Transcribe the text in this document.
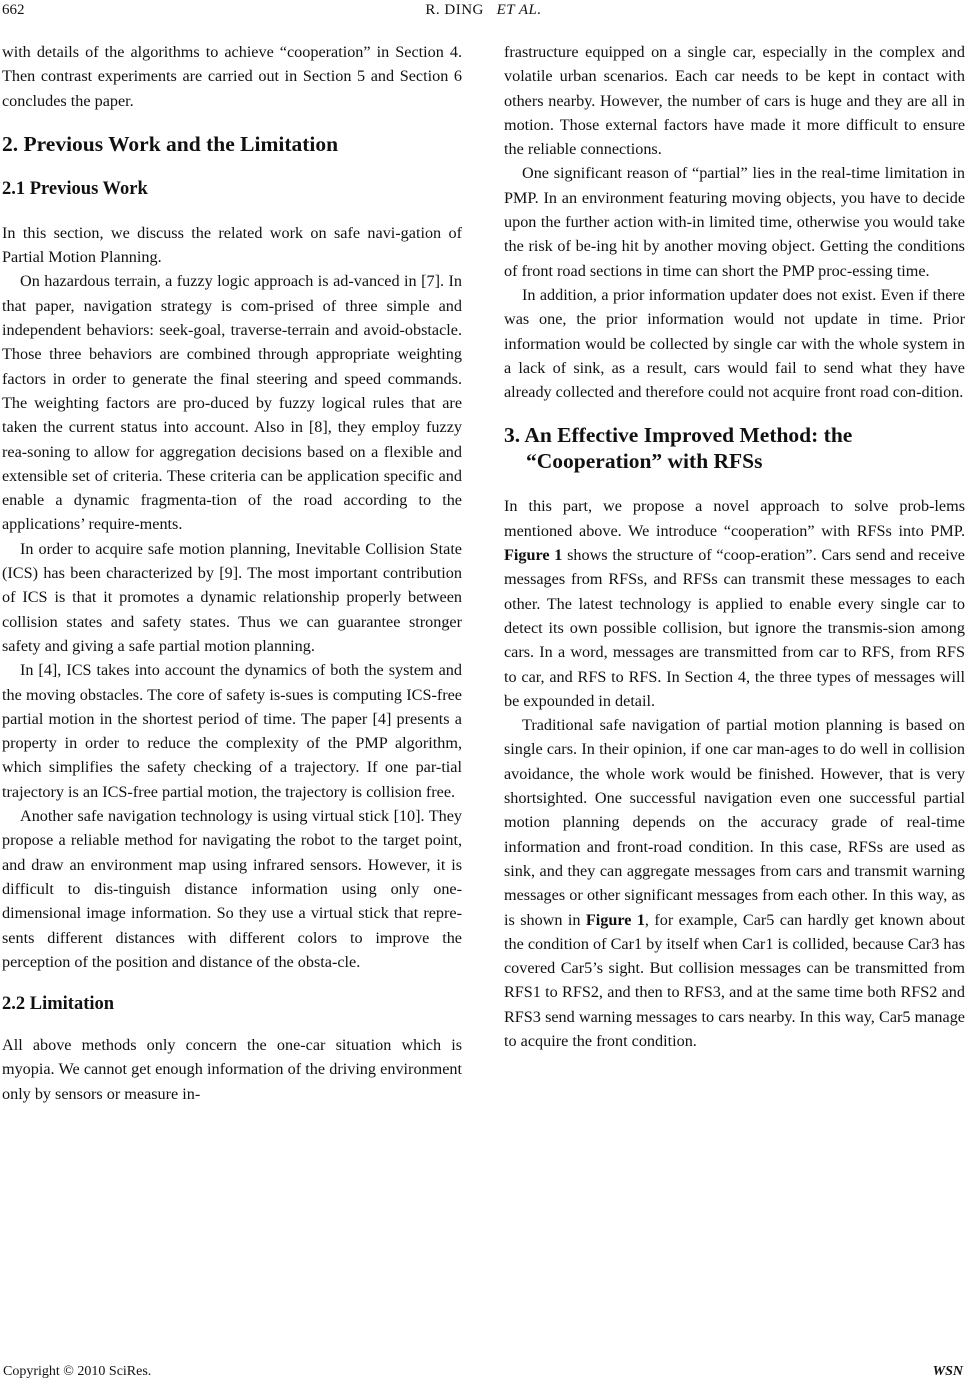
662	R. DING ET AL.

with details of the algorithms to achieve “cooperation” in Section 4. Then contrast experiments are carried out in Section 5 and Section 6 concludes the paper.

2. Previous Work and the Limitation
2.1 Previous Work

In this section, we discuss the related work on safe navi-gation of Partial Motion Planning.

On hazardous terrain, a fuzzy logic approach is ad-vanced in [7]. In that paper, navigation strategy is com-prised of three simple and independent behaviors: seek-goal, traverse-terrain and avoid-obstacle. Those three behaviors are combined through appropriate weighting factors in order to generate the final steering and speed commands. The weighting factors are pro-duced by fuzzy logical rules that are taken the current status into account. Also in [8], they employ fuzzy rea-soning to allow for aggregation decisions based on a flexible and extensible set of criteria. These criteria can be application specific and enable a dynamic fragmenta-tion of the road according to the applications’ require-ments.

In order to acquire safe motion planning, Inevitable Collision State (ICS) has been characterized by [9]. The most important contribution of ICS is that it promotes a dynamic relationship properly between collision states and safety states. Thus we can guarantee stronger safety and giving a safe partial motion planning.

In [4], ICS takes into account the dynamics of both the system and the moving obstacles. The core of safety is-sues is computing ICS-free partial motion in the shortest period of time. The paper [4] presents a property in order to reduce the complexity of the PMP algorithm, which simplifies the safety checking of a trajectory. If one par-tial trajectory is an ICS-free partial motion, the trajectory is collision free.

Another safe navigation technology is using virtual stick [10]. They propose a reliable method for navigating the robot to the target point, and draw an environment map using infrared sensors. However, it is difficult to dis-tinguish distance information using only one-dimensional image information. So they use a virtual stick that repre-sents different distances with different colors to improve the perception of the position and distance of the obsta-cle.

2.2 Limitation

All above methods only concern the one-car situation which is myopia. We cannot get enough information of the driving environment only by sensors or measure in-

frastructure equipped on a single car, especially in the complex and volatile urban scenarios. Each car needs to be kept in contact with others nearby. However, the number of cars is huge and they are all in motion. Those external factors have made it more difficult to ensure the reliable connections.

One significant reason of “partial” lies in the real-time limitation in PMP. In an environment featuring moving objects, you have to decide upon the further action with-in limited time, otherwise you would take the risk of be-ing hit by another moving object. Getting the conditions of front road sections in time can short the PMP proc-essing time.

In addition, a prior information updater does not exist. Even if there was one, the prior information would not update in time. Prior information would be collected by single car with the whole system in a lack of sink, as a result, cars would fail to send what they have already collected and therefore could not acquire front road con-dition.

3. An Effective Improved Method: the
“Cooperation” with RFSs

In this part, we propose a novel approach to solve prob-lems mentioned above. We introduce “cooperation” with RFSs into PMP. Figure 1 shows the structure of “coop-eration”. Cars send and receive messages from RFSs, and RFSs can transmit these messages to each other. The latest technology is applied to enable every single car to detect its own possible collision, but ignore the transmis-sion among cars. In a word, messages are transmitted from car to RFS, from RFS to car, and RFS to RFS. In Section 4, the three types of messages will be expounded in detail.

Traditional safe navigation of partial motion planning is based on single cars. In their opinion, if one car man-ages to do well in collision avoidance, the whole work would be finished. However, that is very shortsighted. One successful navigation even one successful partial motion planning depends on the accuracy grade of real-time information and front-road condition. In this case, RFSs are used as sink, and they can aggregate messages from cars and transmit warning messages or other significant messages from each other. In this way, as is shown in Figure 1, for example, Car5 can hardly get known about the condition of Car1 by itself when Car1 is collided, because Car3 has covered Car5’s sight. But collision messages can be transmitted from RFS1 to RFS2, and then to RFS3, and at the same time both RFS2 and RFS3 send warning messages to cars nearby. In this way, Car5 manage to acquire the front condition.

Copyright © 2010 SciRes.	WSN
